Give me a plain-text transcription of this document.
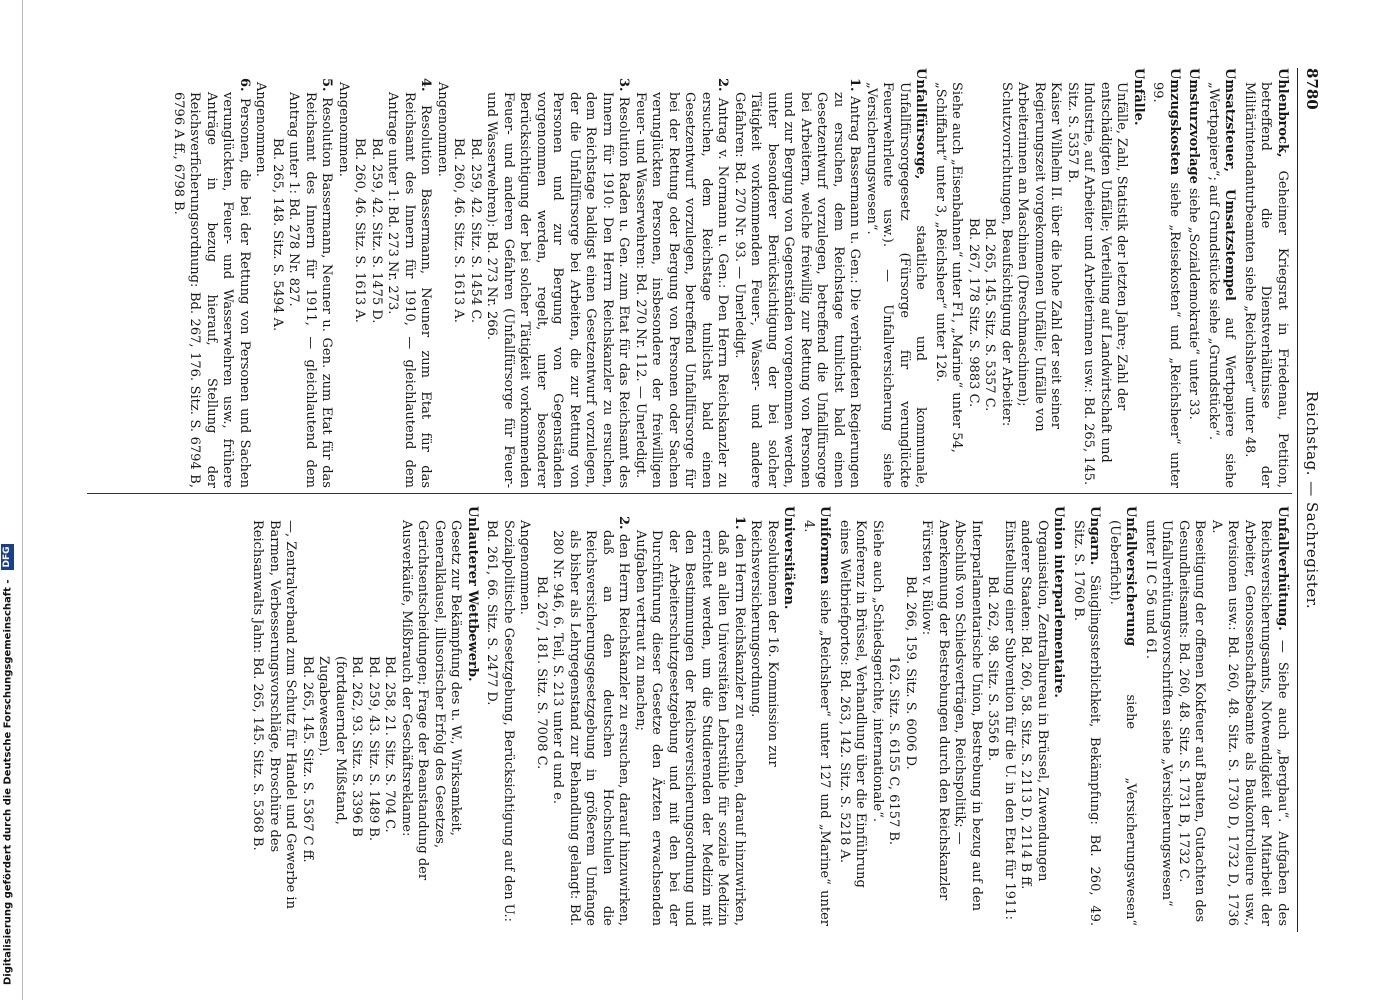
Digitalisierung gefördert durch die Deutsche Forschungsgemeinschaft - DFG
8780
Reichstag. — Sachregister.

Uhlenbrock, Geheimer Kriegsrat in Friedenau, Petition, betreffend die Dienstverhältnisse der Militärintendanturbeamten siehe „Reichsheer“ unter 48.

Umsatzsteuer, Umsatzstempel auf Wertpapiere siehe „Wertpapiere“; auf Grundstücke siehe „Grundstücke“.

Umsturzvorlage siehe „Sozialdemokratie“ unter 33.

Umzugskosten siehe „Reisekosten“ und „Reichsheer“ unter 99.

Unfälle.

Unfälle, Zahl, Statistik der letzten Jahre; Zahl der entschädigten Unfälle; Verteilung auf Landwirtschaft und Industrie, auf Arbeiter und Arbeiterinnen usw.: Bd. 265, 145. Sitz. S. 5357 B.

Kaiser Wilhelm II. über die hohe Zahl der seit seiner Regierungszeit vorgekommenen Unfälle; Unfälle von Arbeiterinnen an Maschinen (Dreschmaschinen); Schutzvorrichtungen, Beaufsichtigung der Arbeiter:

Bd. 265, 145. Sitz. S. 5357 C.

Bd. 267, 178 Sitz. S. 9883 C.

Siehe auch „Eisenbahnen“ unter F1, „Marine“ unter 54, „Schiffahrt“ unter 3, „Reichsheer“ unter 126.

Unfallfürsorge, staatliche und kommunale, Unfallfürsorgegesetz (Fürsorge für verunglückte Feuerwehrleute usw.). — Unfallversicherung siehe „Versicherungswesen“.

1. Antrag Bassermann u. Gen.: Die verbündeten Regierungen zu ersuchen, dem Reichstage tunlichst bald einen Gesetzentwurf vorzulegen, betreffend die Unfallfürsorge bei Arbeitern, welche freiwillig zur Rettung von Personen und zur Bergung von Gegenständen vorgenommen werden, unter besonderer Berücksichtigung der bei solcher Tätigkeit vorkommenden Feuer-, Wasser- und andere Gefahren: Bd. 270 Nr. 93. — Unerledigt.

2. Antrag v. Normann u. Gen.: Den Herrn Reichskanzler zu ersuchen, dem Reichstage tunlichst bald einen Gesetzentwurf vorzulegen, betreffend Unfallfürsorge für bei der Rettung oder Bergung von Personen oder Sachen verunglückten Personen, insbesondere der freiwilligen Feuer- und Wasserwehren: Bd. 270 Nr. 112. — Unerledigt.

3. Resolution Raden u. Gen. zum Etat für das Reichsamt des Innern für 1910: Den Herrn Reichskanzler zu ersuchen, dem Reichstage baldigst einen Gesetzentwurf vorzulegen, der die Unfallfürsorge bei Arbeiten, die zur Rettung von Personen und zur Bergung von Gegenständen vorgenommen werden, regelt, unter besonderer Berücksichtigung der bei solcher Tätigkeit vorkommenden Feuer- und anderen Gefahren (Unfallfürsorge für Feuer- und Wasserwehren): Bd. 273 Nr. 266.

Bd. 259, 42. Sitz. S. 1454 C.

Bd. 260, 46. Sitz. S. 1613 A.

Angenommen.

4. Resolution Bassermann, Neuner zum Etat für das Reichsamt des Innern für 1910, — gleichlautend dem Antrage unter 1: Bd. 273 Nr. 273.

Bd. 259, 42. Sitz. S. 1475 D.

Bd. 260, 46. Sitz. S. 1613 A.

Angenommen.

5. Resolution Bassermann, Neuner u. Gen. zum Etat für das Reichsamt des Innern für 1911, — gleichlautend dem Antrag unter 1: Bd. 278 Nr. 827.

Bd. 265, 148. Sitz. S. 5494 A.

Angenommen.

6. Personen, die bei der Rettung von Personen und Sachen verunglückten, Feuer- und Wasserwehren usw., frühere Anträge in bezug hierauf, Stellung der Reichsverficherungsordnung: Bd. 267, 176. Sitz. S. 6794 B, 6796 A ff., 6798 B.

Unfallverhütung. — Siehe auch „Bergbau“. Aufgaben des Reichsversicherungsamts, Notwendigkeit der Mitarbeit der Arbeiter, Genossenschaftsbeamte als Baukontrolleure usw., Revisionen usw.: Bd. 260, 48. Sitz. S. 1730 D, 1732 D, 1736 A.

Beseitigung der offenen Kokfeuer auf Bauten, Gutachten des Gesundheitsamts: Bd. 260, 48. Sitz. S. 1731 B, 1732 C.

Unfallverhütungsvorschriften siehe „Versicherungswesen“ unter II C 56 und 61.

Unfallversicherung siehe „Versicherungswesen“ (Ueberficht).

Ungarn. Säuglingssterblichkeit, Bekämpfung: Bd. 260, 49. Sitz. S. 1760 B.

Union interparlementaire.

Organisation, Zentralbureau in Brüssel, Zuwendungen anderer Staaten: Bd. 260, 58. Sitz. S. 2113 D, 2114 B ff.

Einstellung einer Subvention für die U. in den Etat für 1911:

Bd. 262, 98. Sitz. S. 3556 B.

Interparlamentarische Union, Bestrebung in bezug auf den Abschluß von Schiedsverträgen, Reichspolitik; — Anerkennung der Bestrebungen durch den Reichskanzler Fürsten v. Bülow:

Bd. 266, 159. Sitz. S. 6006 D.

162. Sitz. S. 6155 C, 6157 B.

Siehe auch „Schiedsgerichte, internationale“.

Konferenz in Brüssel, Verhandlung über die Einführung eines Weltbriefportos: Bd. 263, 142. Sitz. S. 5218 A.

Uniformen siehe „Reichsheer“ unter 127 und „Marine“ unter 4.

Universitäten.

Resolutionen der 16. Kommission zur Reichsversicherungsordnung.

1. den Herrn Reichskanzler zu ersuchen, darauf hinzuwirken, daß an allen Universitäten Lehrstühle für soziale Medizin errichtet werden, um die Studierenden der Medizin mit den Bestimmungen der Reichsversicherungsordnung und der Arbeiterschutzgesetzgebung und mit den bei der Durchführung dieser Gesetze den Ärzten erwachsenden Aufgaben vertraut zu machen;

2. den Herrn Reichskanzler zu ersuchen, darauf hinzuwirken, daß an den deutschen Hochschulen die Reichsversicherungsgesetzgebung in größerem Umfange als bisher als Lehrgegenstand zur Behandlung gelangt: Bd. 280 Nr. 946, 6. Teil, S. 213 unter d und e.

Bd. 267, 181. Sitz. S. 7008 C.

Angenommen.

Sozialpolitische Gesetzgebung, Berücksichtigung auf den U.: Bd. 261, 66. Sitz. S. 2477 D.

Unlauterer Wettbewerb.

Gesetz zur Bekämpfung des u. W., Wirksamkeit, Generalklausel, illusorischer Erfolg des Gesetzes, Gerichtsentscheidungen; Frage der Beanstandung der Ausverkäufe, Mißbrauch der Geschäftsreklame:

Bd. 258, 21. Sitz. S. 704 C.

Bd. 259, 43. Sitz. S. 1489 B.

Bd. 262, 93. Sitz. S. 3396 B (fortdauernder Mißstand, Zugabewesen).

Bd. 265, 145. Sitz. S. 5367 C ff.

—, Zentralverband zum Schutz für Handel und Gewerbe in Barmen, Verbesserungsvorschläge, Broschüre des Reichsanwalts Jahn: Bd. 265, 145. Sitz. S. 5368 B.
